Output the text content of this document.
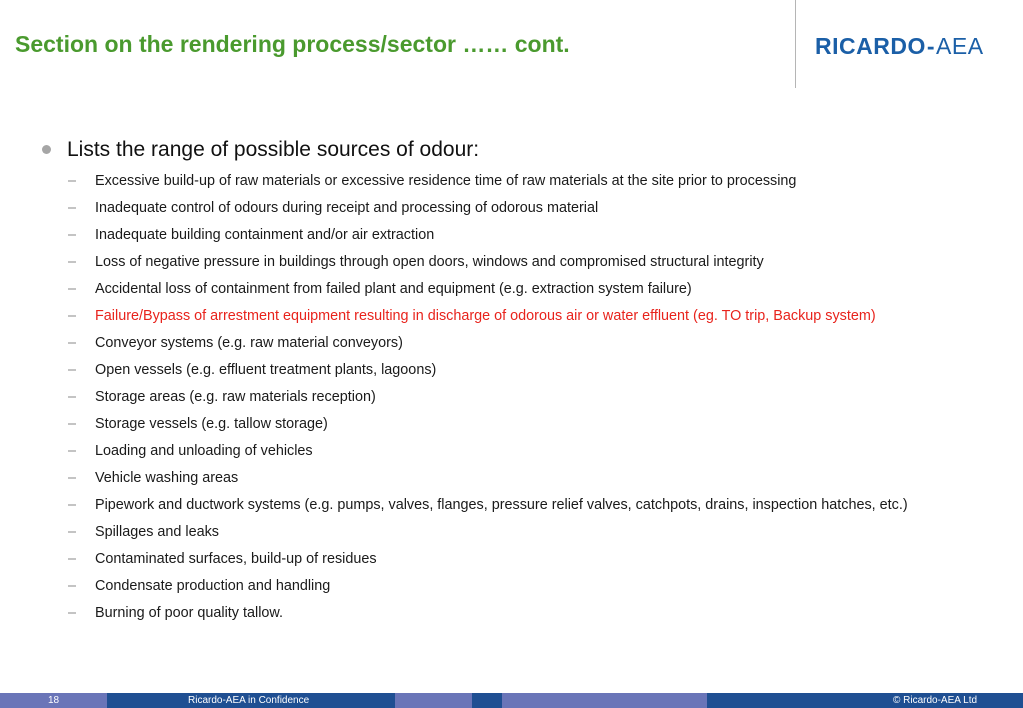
Section on the rendering process/sector …… cont.	RICARDO-AEA
Lists the range of possible sources of odour:
– Excessive build-up of raw materials or excessive residence time of raw materials at the site prior to processing
– Inadequate control of odours during receipt and processing of odorous material
– Inadequate building containment and/or air extraction
– Loss of negative pressure in buildings through open doors, windows and compromised structural integrity
– Accidental loss of containment from failed plant and equipment (e.g. extraction system failure)
– Failure/Bypass of arrestment equipment resulting in discharge of odorous air or water effluent (eg. TO trip, Backup system)
– Conveyor systems (e.g. raw material conveyors)
– Open vessels (e.g. effluent treatment plants, lagoons)
– Storage areas (e.g. raw materials reception)
– Storage vessels (e.g. tallow storage)
– Loading and unloading of vehicles
– Vehicle washing areas
– Pipework and ductwork systems (e.g. pumps, valves, flanges, pressure relief valves, catchpots, drains, inspection hatches, etc.)
– Spillages and leaks
– Contaminated surfaces, build-up of residues
– Condensate production and handling
– Burning of poor quality tallow.
18	Ricardo-AEA in Confidence	© Ricardo-AEA Ltd
